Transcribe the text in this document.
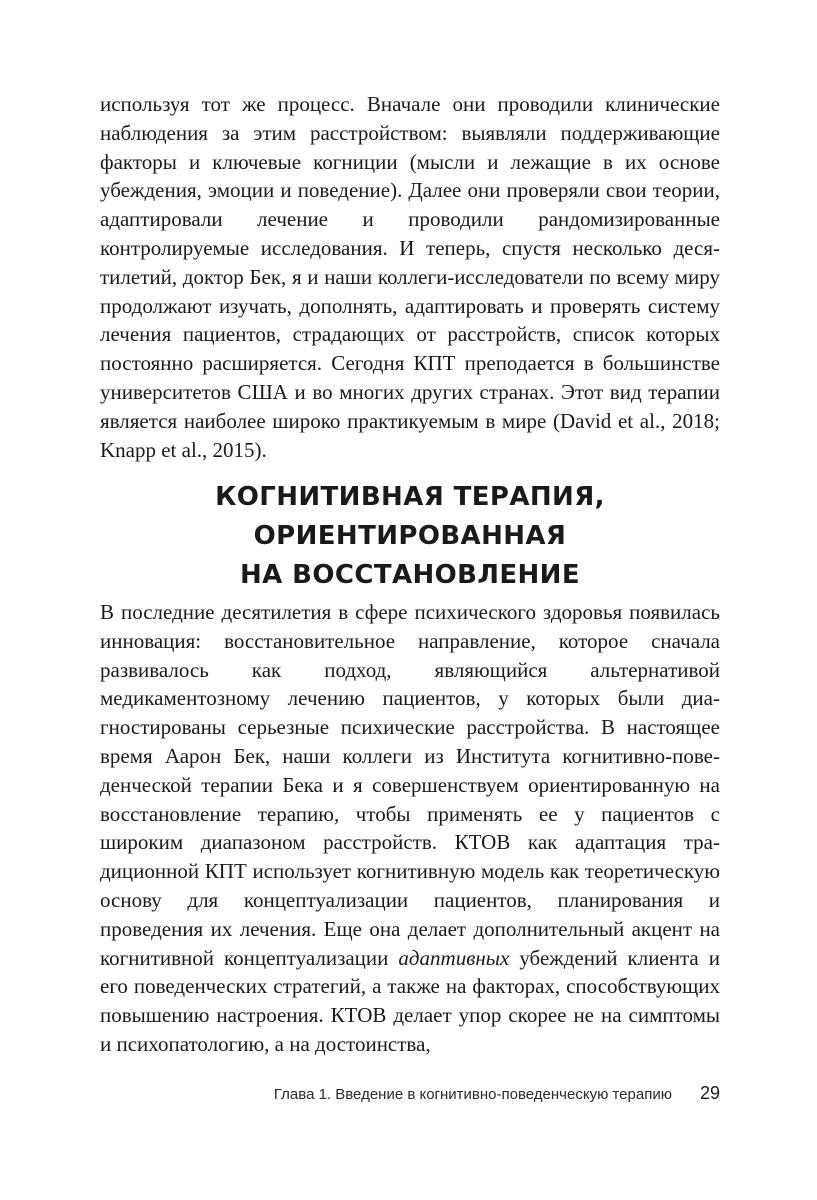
используя тот же процесс. Вначале они проводили клинические наблюдения за этим расстройством: выявляли поддерживающие факторы и ключевые когниции (мысли и лежащие в их основе убеждения, эмоции и поведение). Далее они проверяли свои теории, адаптировали лечение и проводили рандомизированные контролируемые исследования. И теперь, спустя несколько десятилетий, доктор Бек, я и наши коллеги-исследователи по всему миру продолжают изучать, дополнять, адаптировать и проверять систему лечения пациентов, страдающих от расстройств, список которых постоянно расширяется. Сегодня КПТ преподается в большинстве университетов США и во многих других странах. Этот вид терапии является наиболее широко практикуемым в мире (David et al., 2018; Knapp et al., 2015).

КОГНИТИВНАЯ ТЕРАПИЯ,
ОРИЕНТИРОВАННАЯ
НА ВОССТАНОВЛЕНИЕ

В последние десятилетия в сфере психического здоровья появилась инновация: восстановительное направление, которое сначала развивалось как подход, являющийся альтернативой медикаментозному лечению пациентов, у которых были диагностированы серьезные психические расстройства. В настоящее время Аарон Бек, наши коллеги из Института когнитивно-поведенческой терапии Бека и я совершенствуем ориентированную на восстановление терапию, чтобы применять ее у пациентов с широким диапазоном расстройств. КТОВ как адаптация традиционной КПТ использует когнитивную модель как теоретическую основу для концептуализации пациентов, планирования и проведения их лечения. Еще она делает дополнительный акцент на когнитивной концептуализации адаптивных убеждений клиента и его поведенческих стратегий, а также на факторах, способствующих повышению настроения. КТОВ делает упор скорее не на симптомы и психопатологию, а на достоинства,

Глава 1. Введение в когнитивно-поведенческую терапию 29
